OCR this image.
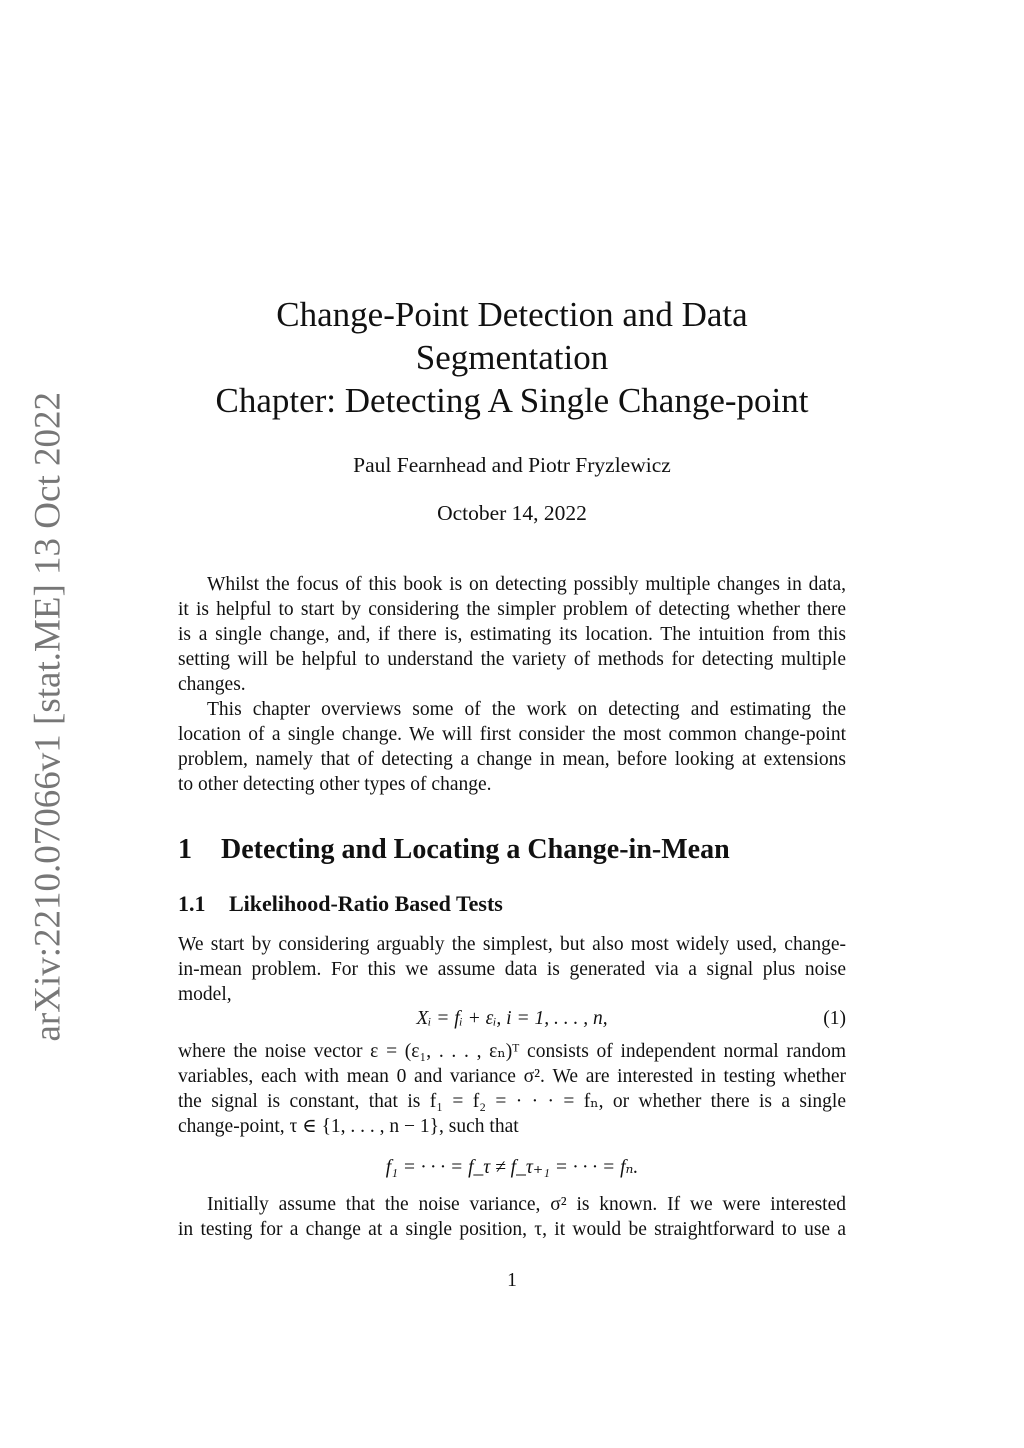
arXiv:2210.07066v1 [stat.ME] 13 Oct 2022
Change-Point Detection and Data
Segmentation
Chapter: Detecting A Single Change-point
Paul Fearnhead and Piotr Fryzlewicz
October 14, 2022
Whilst the focus of this book is on detecting possibly multiple changes in data,
it is helpful to start by considering the simpler problem of detecting whether there
is a single change, and, if there is, estimating its location. The intuition from this
setting will be helpful to understand the variety of methods for detecting multiple
changes.
This chapter overviews some of the work on detecting and estimating the
location of a single change. We will first consider the most common change-point
problem, namely that of detecting a change in mean, before looking at extensions
to other detecting other types of change.
1 Detecting and Locating a Change-in-Mean
1.1 Likelihood-Ratio Based Tests
We start by considering arguably the simplest, but also most widely used, change-
in-mean problem. For this we assume data is generated via a signal plus noise
model,
Xᵢ = fᵢ + εᵢ, i = 1, . . . , n,	(1)
where the noise vector ε = (ε₁, . . . , εₙ)ᵀ consists of independent normal random
variables, each with mean 0 and variance σ². We are interested in testing whether
the signal is constant, that is f₁ = f₂ = · · · = fₙ, or whether there is a single
change-point, τ ∈ {1, . . . , n − 1}, such that
f₁ = · · · = f_τ ≠ f_τ₊₁ = · · · = fₙ.
Initially assume that the noise variance, σ² is known. If we were interested
in testing for a change at a single position, τ, it would be straightforward to use a
1
